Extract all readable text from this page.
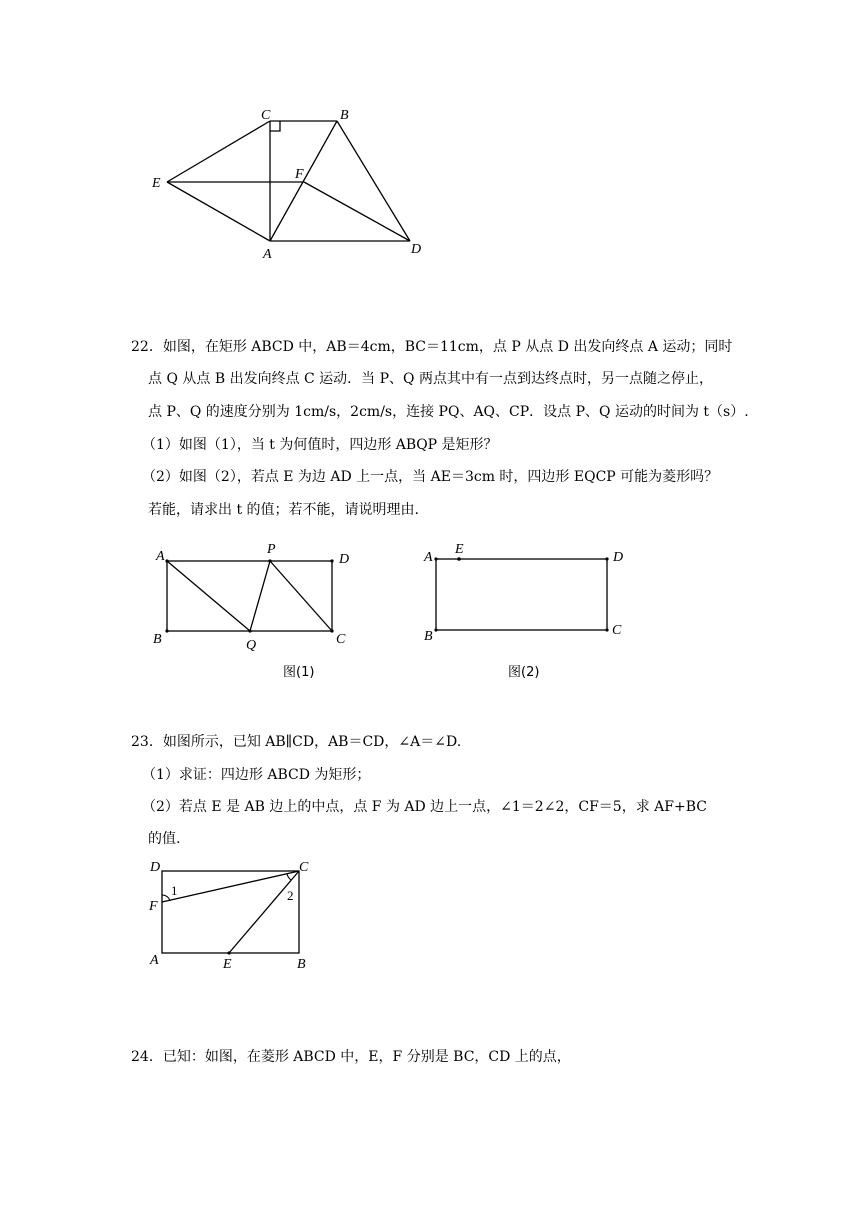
C	B
E
F
A	D
22．如图，在矩形 ABCD 中，AB＝4cm，BC＝11cm，点 P 从点 D 出发向终点 A 运动；同时
点 Q 从点 B 出发向终点 C 运动．当 P、Q 两点其中有一点到达终点时，另一点随之停止，
点 P、Q 的速度分别为 1cm/s，2cm/s，连接 PQ、AQ、CP．设点 P、Q 运动的时间为 t（s）.
（1）如图（1），当 t 为何值时，四边形 ABQP 是矩形？
（2）如图（2），若点 E 为边 AD 上一点，当 AE＝3cm 时，四边形 EQCP 可能为菱形吗？
若能，请求出 t 的值；若不能，请说明理由.
A	P
D
B	Q	C
图(1)
A
E
D
B	C
图(2)
23．如图所示，已知 AB∥CD，AB＝CD，∠A＝∠D.
（1）求证：四边形 ABCD 为矩形；
（2）若点 E 是 AB 边上的中点，点 F 为 AD 边上一点，∠1＝2∠2，CF＝5，求 AF+BC
的值.
D	C
F
A	E	B
1	2
24．已知：如图，在菱形 ABCD 中，E，F 分别是 BC，CD 上的点，
